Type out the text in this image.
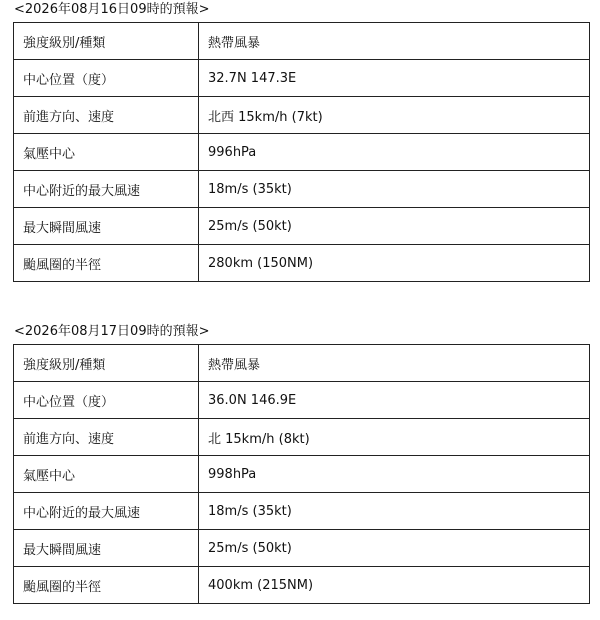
<2026年08月16日09時的預報>
強度級別/種類	熱帶風暴
中心位置（度）	32.7N 147.3E
前進方向、速度	北西 15km/h (7kt)
氣壓中心	996hPa
中心附近的最大風速	18m/s (35kt)
最大瞬間風速	25m/s (50kt)
颱風圈的半徑	280km (150NM)
<2026年08月17日09時的預報>
強度級別/種類	熱帶風暴
中心位置（度）	36.0N 146.9E
前進方向、速度	北 15km/h (8kt)
氣壓中心	998hPa
中心附近的最大風速	18m/s (35kt)
最大瞬間風速	25m/s (50kt)
颱風圈的半徑	400km (215NM)
